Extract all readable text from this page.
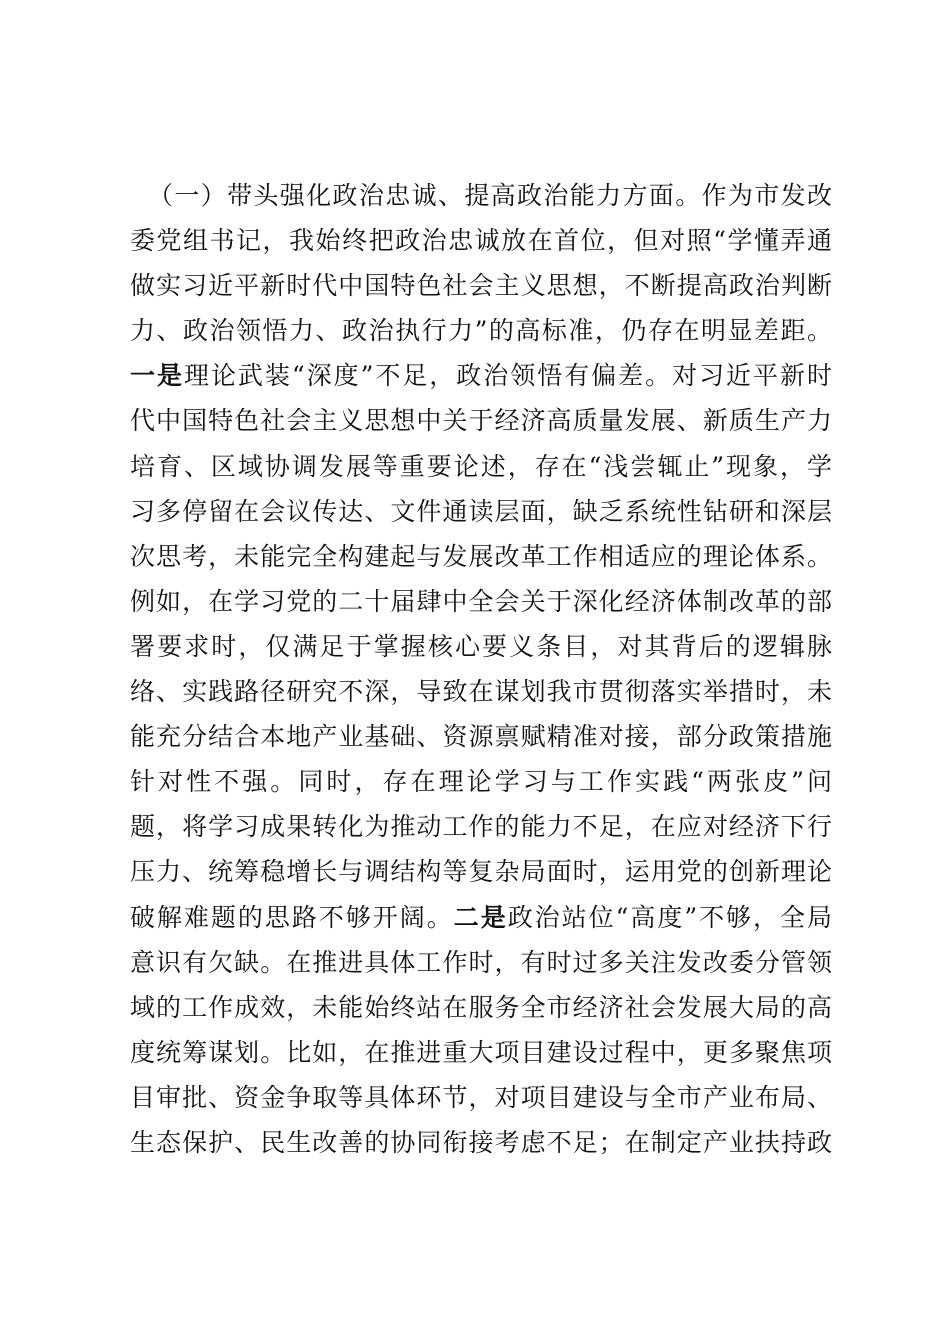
（一）带头强化政治忠诚、提高政治能力方面。作为市发改
委党组书记，我始终把政治忠诚放在首位，但对照“学懂弄通
做实习近平新时代中国特色社会主义思想，不断提高政治判断
力、政治领悟力、政治执行力”的高标准，仍存在明显差距。
一是理论武装“深度”不足，政治领悟有偏差。对习近平新时
代中国特色社会主义思想中关于经济高质量发展、新质生产力
培育、区域协调发展等重要论述，存在“浅尝辄止”现象，学
习多停留在会议传达、文件通读层面，缺乏系统性钻研和深层
次思考，未能完全构建起与发展改革工作相适应的理论体系。
例如，在学习党的二十届肆中全会关于深化经济体制改革的部
署要求时，仅满足于掌握核心要义条目，对其背后的逻辑脉
络、实践路径研究不深，导致在谋划我市贯彻落实举措时，未
能充分结合本地产业基础、资源禀赋精准对接，部分政策措施
针对性不强。同时，存在理论学习与工作实践“两张皮”问
题，将学习成果转化为推动工作的能力不足，在应对经济下行
压力、统筹稳增长与调结构等复杂局面时，运用党的创新理论
破解难题的思路不够开阔。二是政治站位“高度”不够，全局
意识有欠缺。在推进具体工作时，有时过多关注发改委分管领
域的工作成效，未能始终站在服务全市经济社会发展大局的高
度统筹谋划。比如，在推进重大项目建设过程中，更多聚焦项
目审批、资金争取等具体环节，对项目建设与全市产业布局、
生态保护、民生改善的协同衔接考虑不足；在制定产业扶持政
